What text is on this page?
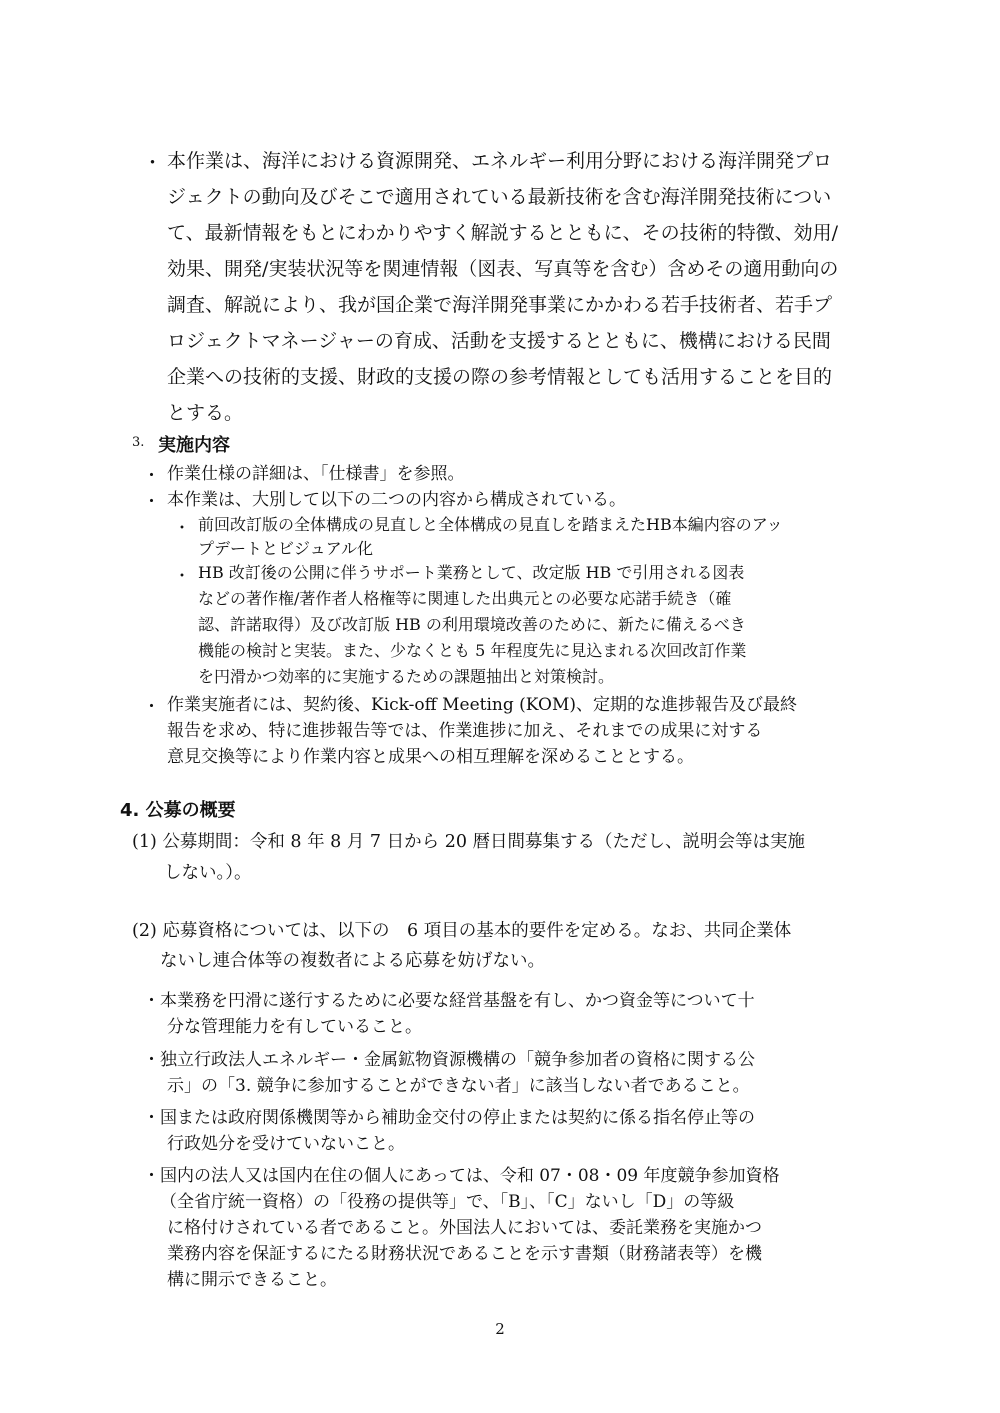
・ 本作業は、海洋における資源開発、エネルギー利用分野における海洋開発プロ
ジェクトの動向及びそこで適用されている最新技術を含む海洋開発技術につい
て、最新情報をもとにわかりやすく解説するとともに、その技術的特徴、効用/
効果、開発/実装状況等を関連情報（図表、写真等を含む）含めその適用動向の
調査、解説により、我が国企業で海洋開発事業にかかわる若手技術者、若手プ
ロジェクトマネージャーの育成、活動を支援するとともに、機構における民間
企業への技術的支援、財政的支援の際の参考情報としても活用することを目的
とする。
3. 実施内容
・ 作業仕様の詳細は、「仕様書」を参照。
・ 本作業は、大別して以下の二つの内容から構成されている。
・ 前回改訂版の全体構成の見直しと全体構成の見直しを踏まえたHB本編内容のアッ
プデートとビジュアル化
・ HB 改訂後の公開に伴うサポート業務として、改定版 HB で引用される図表
などの著作権/著作者人格権等に関連した出典元との必要な応諾手続き（確
認、許諾取得）及び改訂版 HB の利用環境改善のために、新たに備えるべき
機能の検討と実装。また、少なくとも 5 年程度先に見込まれる次回改訂作業
を円滑かつ効率的に実施するための課題抽出と対策検討。
・ 作業実施者には、契約後、Kick-off Meeting (KOM)、定期的な進捗報告及び最終
報告を求め、特に進捗報告等では、作業進捗に加え、それまでの成果に対する
意見交換等により作業内容と成果への相互理解を深めることとする。
4. 公募の概要
(1) 公募期間：令和 8 年 8 月 7 日から 20 暦日間募集する（ただし、説明会等は実施
しない。）。
(2) 応募資格については、以下の　6 項目の基本的要件を定める。なお、共同企業体
ないし連合体等の複数者による応募を妨げない。
・本業務を円滑に遂行するために必要な経営基盤を有し、かつ資金等について十
分な管理能力を有していること。
・独立行政法人エネルギー・金属鉱物資源機構の「競争参加者の資格に関する公
示」の「3. 競争に参加することができない者」に該当しない者であること。
・国または政府関係機関等から補助金交付の停止または契約に係る指名停止等の
行政処分を受けていないこと。
・国内の法人又は国内在住の個人にあっては、令和 07・08・09 年度競争参加資格
（全省庁統一資格）の「役務の提供等」で、「B」、「C」ないし「D」の等級
に格付けされている者であること。外国法人においては、委託業務を実施かつ
業務内容を保証するにたる財務状況であることを示す書類（財務諸表等）を機
構に開示できること。
2
